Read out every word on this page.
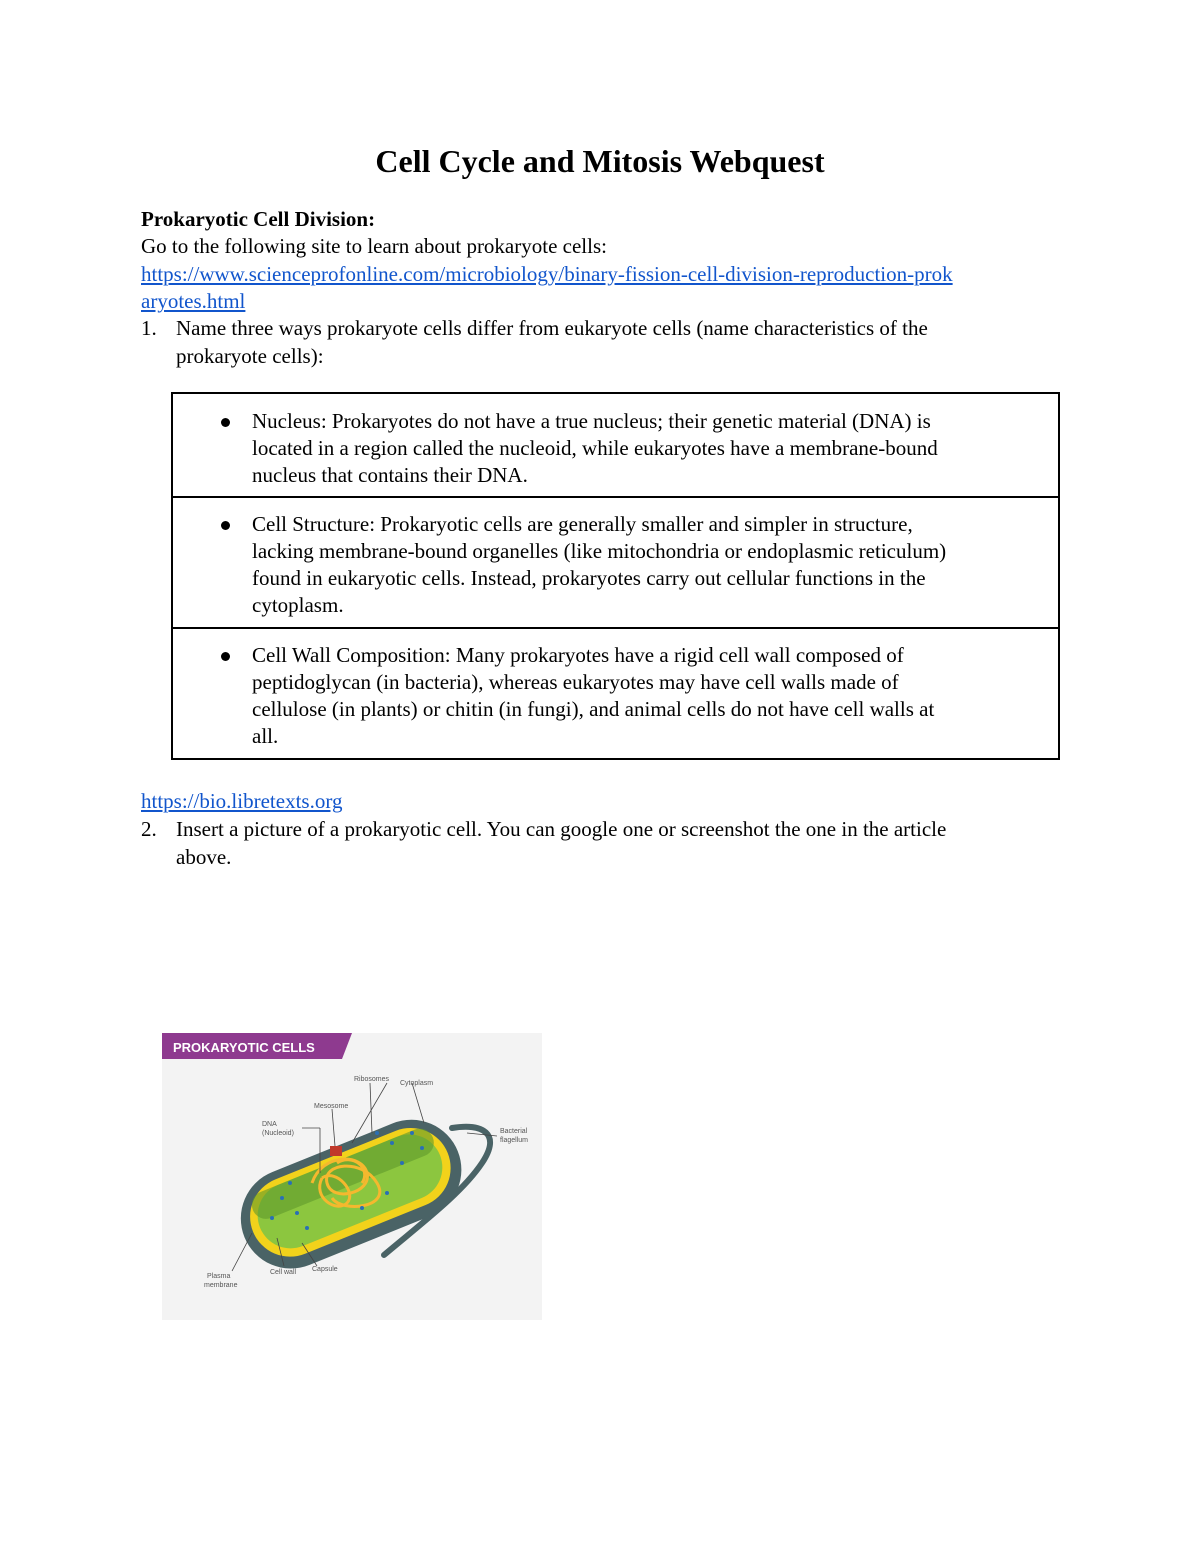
Cell Cycle and Mitosis Webquest
Prokaryotic Cell Division:
Go to the following site to learn about prokaryote cells:
https://www.scienceprofonline.com/microbiology/binary-fission-cell-division-reproduction-prok
aryotes.html
1. Name three ways prokaryote cells differ from eukaryote cells (name characteristics of the
prokaryote cells):
Nucleus: Prokaryotes do not have a true nucleus; their genetic material (DNA) is
located in a region called the nucleoid, while eukaryotes have a membrane-bound
nucleus that contains their DNA.
Cell Structure: Prokaryotic cells are generally smaller and simpler in structure,
lacking membrane-bound organelles (like mitochondria or endoplasmic reticulum)
found in eukaryotic cells. Instead, prokaryotes carry out cellular functions in the
cytoplasm.
Cell Wall Composition: Many prokaryotes have a rigid cell wall composed of
peptidoglycan (in bacteria), whereas eukaryotes may have cell walls made of
cellulose (in plants) or chitin (in fungi), and animal cells do not have cell walls at
all.
https://bio.libretexts.org
2. Insert a picture of a prokaryotic cell. You can google one or screenshot the one in the article
above.
PROKARYOTIC CELLS
Ribosomes
Cytoplasm
Mesosome
DNA
(Nucleoid)	Bacterial
flagellum
Plasma
membrane
Cell wall Capsule
